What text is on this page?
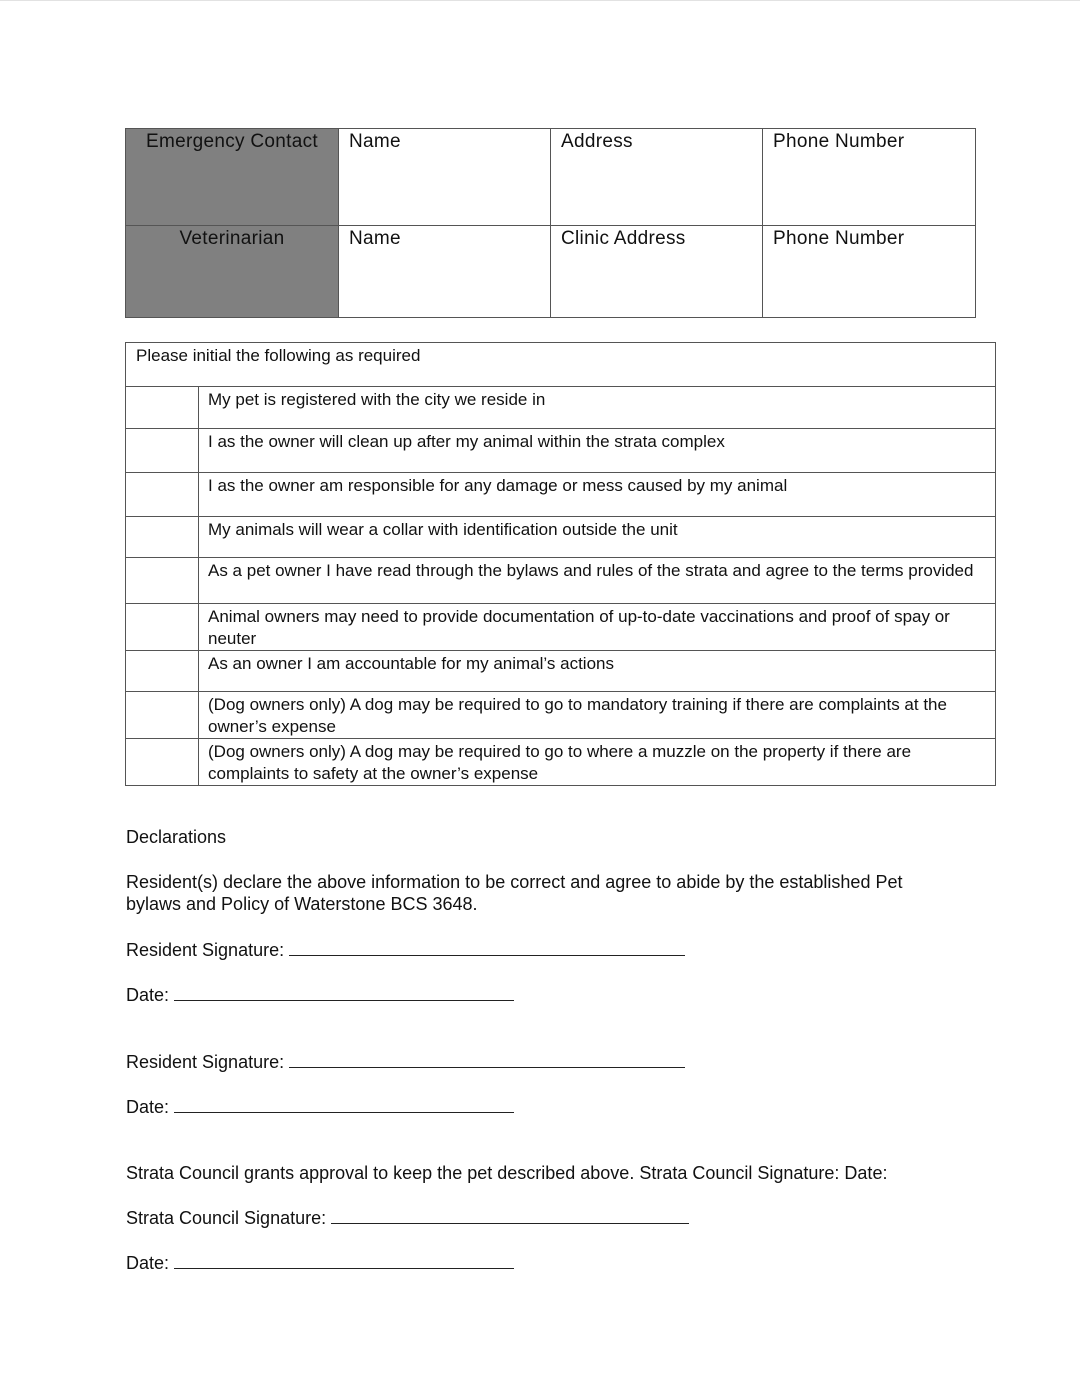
Emergency Contact	Name	Address	Phone Number
Veterinarian	Name	Clinic Address	Phone Number
Please initial the following as required	
	My pet is registered with the city we reside in
	I as the owner will clean up after my animal within the strata complex
	I as the owner am responsible for any damage or mess caused by my animal
	My animals will wear a collar with identification outside the unit
	As a pet owner I have read through the bylaws and rules of the strata and agree to the terms provided
	Animal owners may need to provide documentation of up-to-date vaccinations and proof of spay or neuter
	As an owner I am accountable for my animal’s actions
	(Dog owners only) A dog may be required to go to mandatory training if there are complaints at the owner’s expense
	(Dog owners only) A dog may be required to go to where a muzzle on the property if there are complaints to safety at the owner’s expense
Declarations
Resident(s) declare the above information to be correct and agree to abide by the established Pet bylaws and Policy of Waterstone BCS 3648.
Resident Signature:
Date:
Resident Signature:
Date:
Strata Council grants approval to keep the pet described above. Strata Council Signature: Date:
Strata Council Signature:
Date:
